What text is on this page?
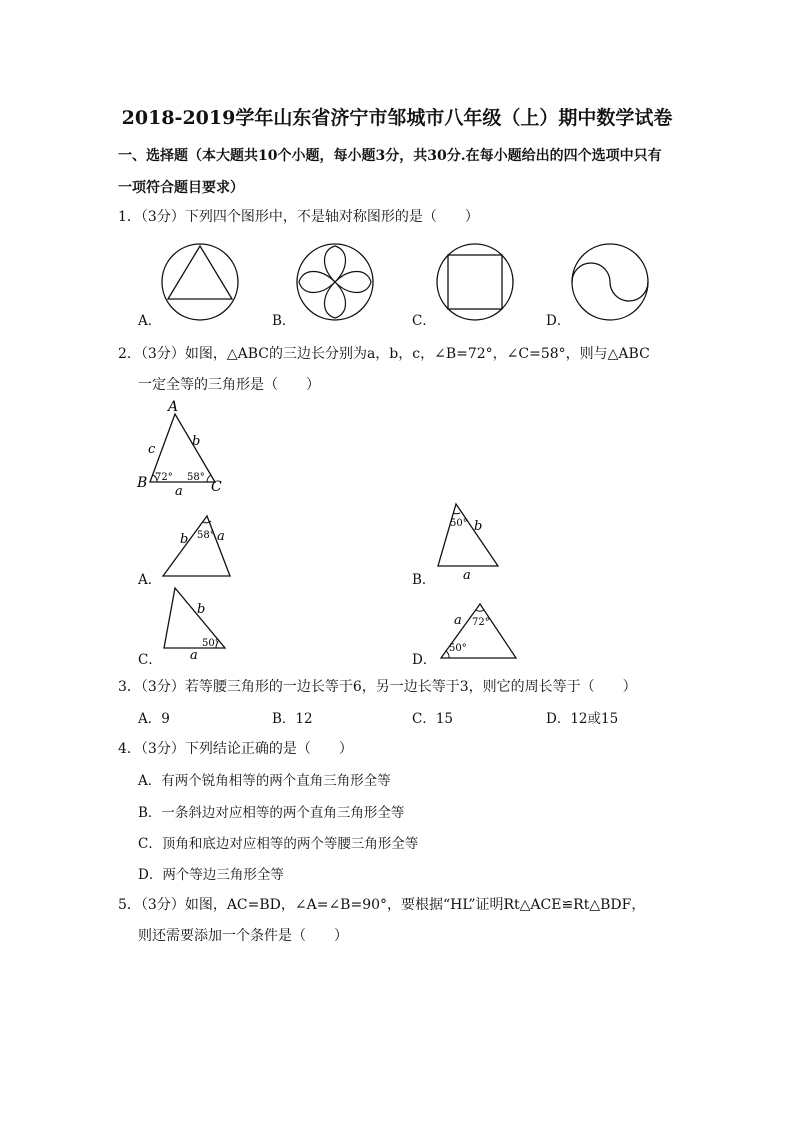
2018-2019学年山东省济宁市邹城市八年级（上）期中数学试卷
一、选择题（本大题共10个小题，每小题3分，共30分.在每小题给出的四个选项中只有
一项符合题目要求）
1．（3分）下列四个图形中，不是轴对称图形的是（　　）
A．	B．	C．	D．
2．（3分）如图，△ABC的三边长分别为a，b，c，∠B=72°，∠C=58°，则与△ABC
一定全等的三角形是（　　）
A
B	C
c
b
a
72° 58°
b a
58°
A．
50° b
a
B．
b
50°
a
C．
a 72°
50°
D．
3．（3分）若等腰三角形的一边长等于6，另一边长等于3，则它的周长等于（　　）
A．9	B．12	C．15	D．12或15
4．（3分）下列结论正确的是（　　）
A．有两个锐角相等的两个直角三角形全等
B．一条斜边对应相等的两个直角三角形全等
C．顶角和底边对应相等的两个等腰三角形全等
D．两个等边三角形全等
5．（3分）如图，AC=BD，∠A=∠B=90°，要根据“HL”证明Rt△ACE≌Rt△BDF，
则还需要添加一个条件是（　　）
